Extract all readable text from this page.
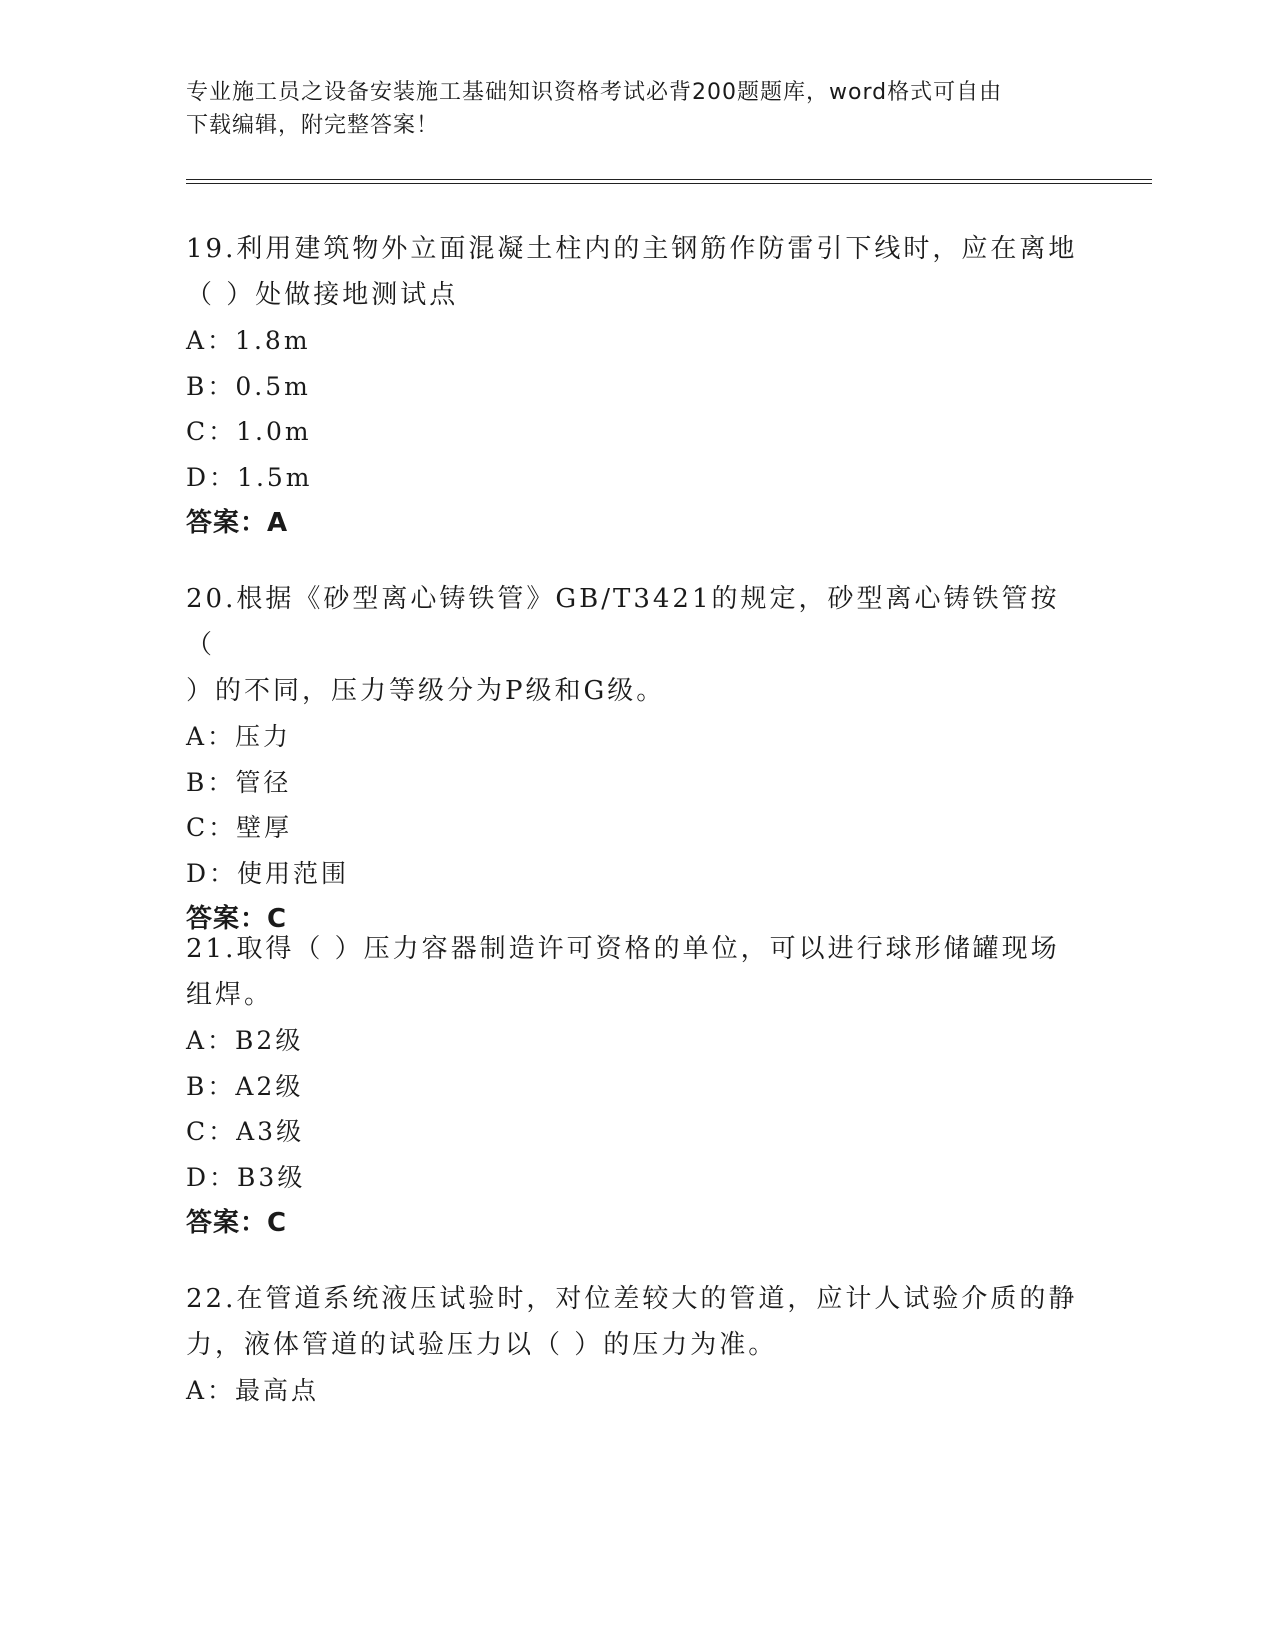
专业施工员之设备安装施工基础知识资格考试必背200题题库，word格式可自由
下载编辑，附完整答案！
19.利用建筑物外立面混凝土柱内的主钢筋作防雷引下线时，应在离地
（ ）处做接地测试点
A：1.8m
B：0.5m
C：1.0m
D：1.5m
答案：A
20.根据《砂型离心铸铁管》GB/T3421的规定，砂型离心铸铁管按（
）的不同，压力等级分为P级和G级。
A：压力
B：管径
C：壁厚
D：使用范围
答案：C
21.取得（ ）压力容器制造许可资格的单位，可以进行球形储罐现场
组焊。
A：B2级
B：A2级
C：A3级
D：B3级
答案：C
22.在管道系统液压试验时，对位差较大的管道，应计人试验介质的静
力，液体管道的试验压力以（ ）的压力为准。
A：最高点
